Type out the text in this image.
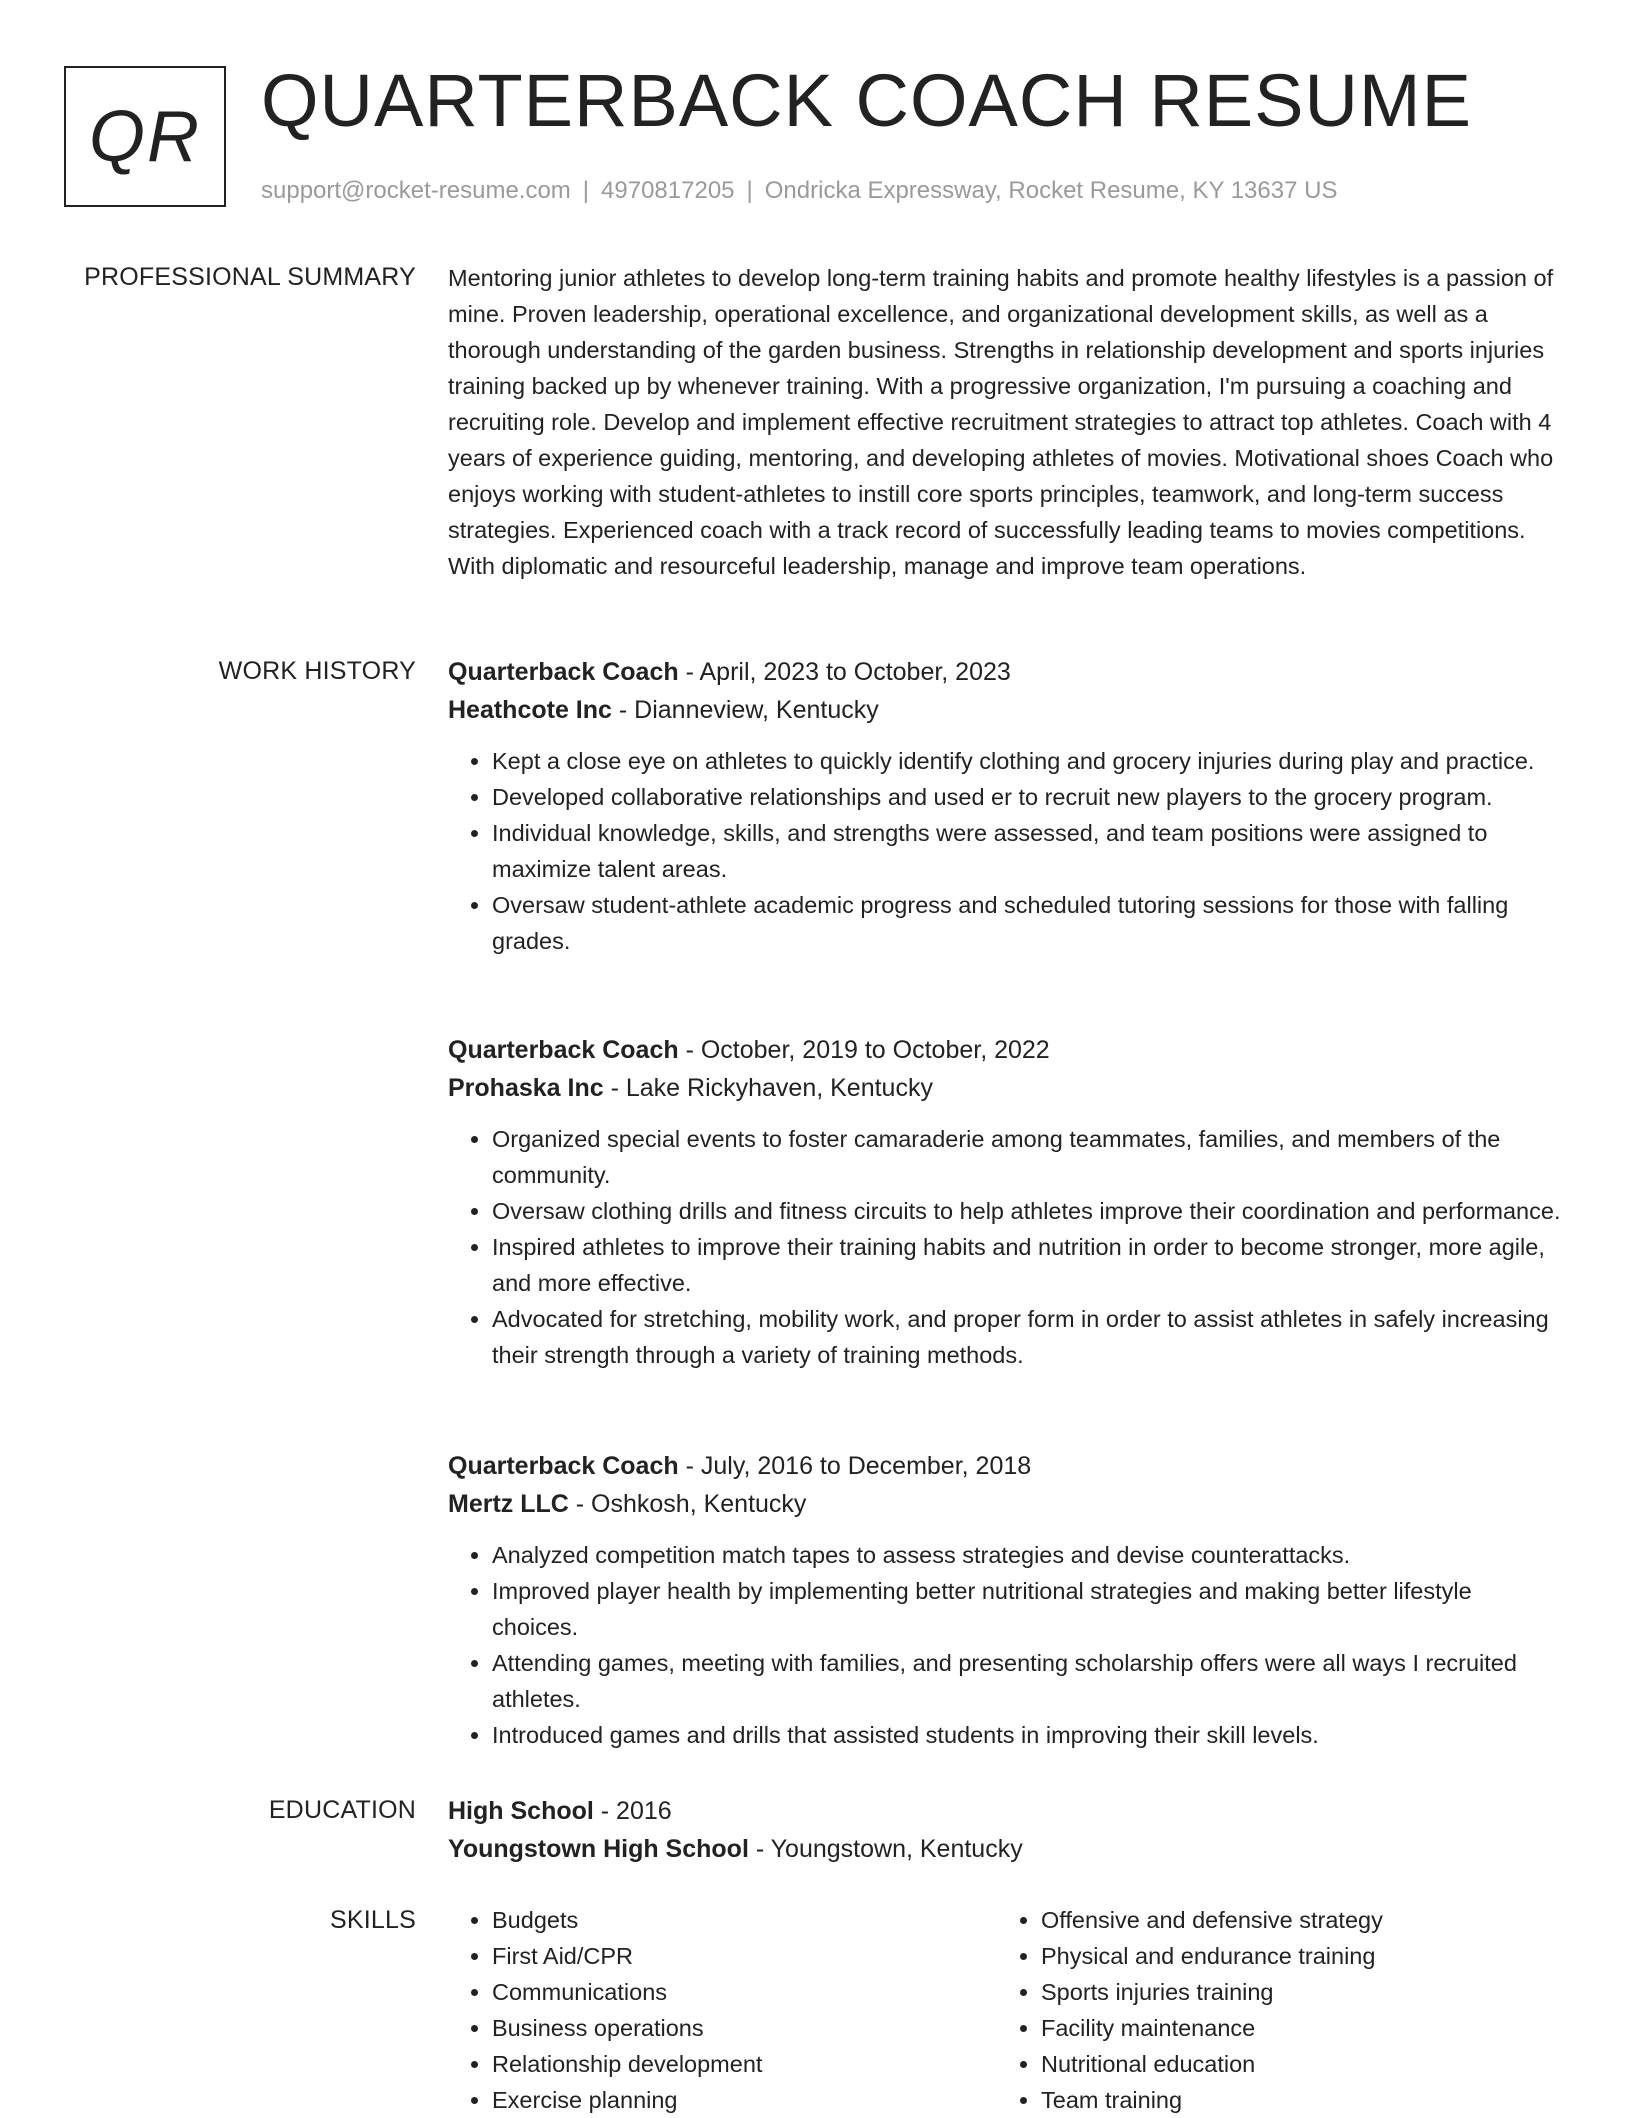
QR QUARTERBACK COACH RESUME
support@rocket-resume.com | 4970817205 | Ondricka Expressway, Rocket Resume, KY 13637 US
PROFESSIONAL SUMMARY Mentoring junior athletes to develop long-term training habits and promote healthy lifestyles is a passion of mine. Proven leadership, operational excellence, and organizational development skills, as well as a thorough understanding of the garden business. Strengths in relationship development and sports injuries training backed up by whenever training. With a progressive organization, I'm pursuing a coaching and recruiting role. Develop and implement effective recruitment strategies to attract top athletes. Coach with 4 years of experience guiding, mentoring, and developing athletes of movies. Motivational shoes Coach who enjoys working with student-athletes to instill core sports principles, teamwork, and long-term success strategies. Experienced coach with a track record of successfully leading teams to movies competitions. With diplomatic and resourceful leadership, manage and improve team operations.

WORK HISTORY Quarterback Coach - April, 2023 to October, 2023
Heathcote Inc - Dianneview, Kentucky
• Kept a close eye on athletes to quickly identify clothing and grocery injuries during play and practice.
• Developed collaborative relationships and used er to recruit new players to the grocery program.
• Individual knowledge, skills, and strengths were assessed, and team positions were assigned to maximize talent areas.
• Oversaw student-athlete academic progress and scheduled tutoring sessions for those with falling grades.
Quarterback Coach - October, 2019 to October, 2022
Prohaska Inc - Lake Rickyhaven, Kentucky
• Organized special events to foster camaraderie among teammates, families, and members of the community.
• Oversaw clothing drills and fitness circuits to help athletes improve their coordination and performance.
• Inspired athletes to improve their training habits and nutrition in order to become stronger, more agile, and more effective.
• Advocated for stretching, mobility work, and proper form in order to assist athletes in safely increasing their strength through a variety of training methods.
Quarterback Coach - July, 2016 to December, 2018
Mertz LLC - Oshkosh, Kentucky
• Analyzed competition match tapes to assess strategies and devise counterattacks.
• Improved player health by implementing better nutritional strategies and making better lifestyle choices.
• Attending games, meeting with families, and presenting scholarship offers were all ways I recruited athletes.
• Introduced games and drills that assisted students in improving their skill levels.
EDUCATION High School - 2016
Youngstown High School - Youngstown, Kentucky
SKILLS
•	Budgets
• First Aid/CPR
• Communications
• Business operations
• Relationship development
• Exercise planning
• Offensive and defensive strategy
• Physical and endurance training
• Sports injuries training
• Facility maintenance
• Nutritional education
• Team training
